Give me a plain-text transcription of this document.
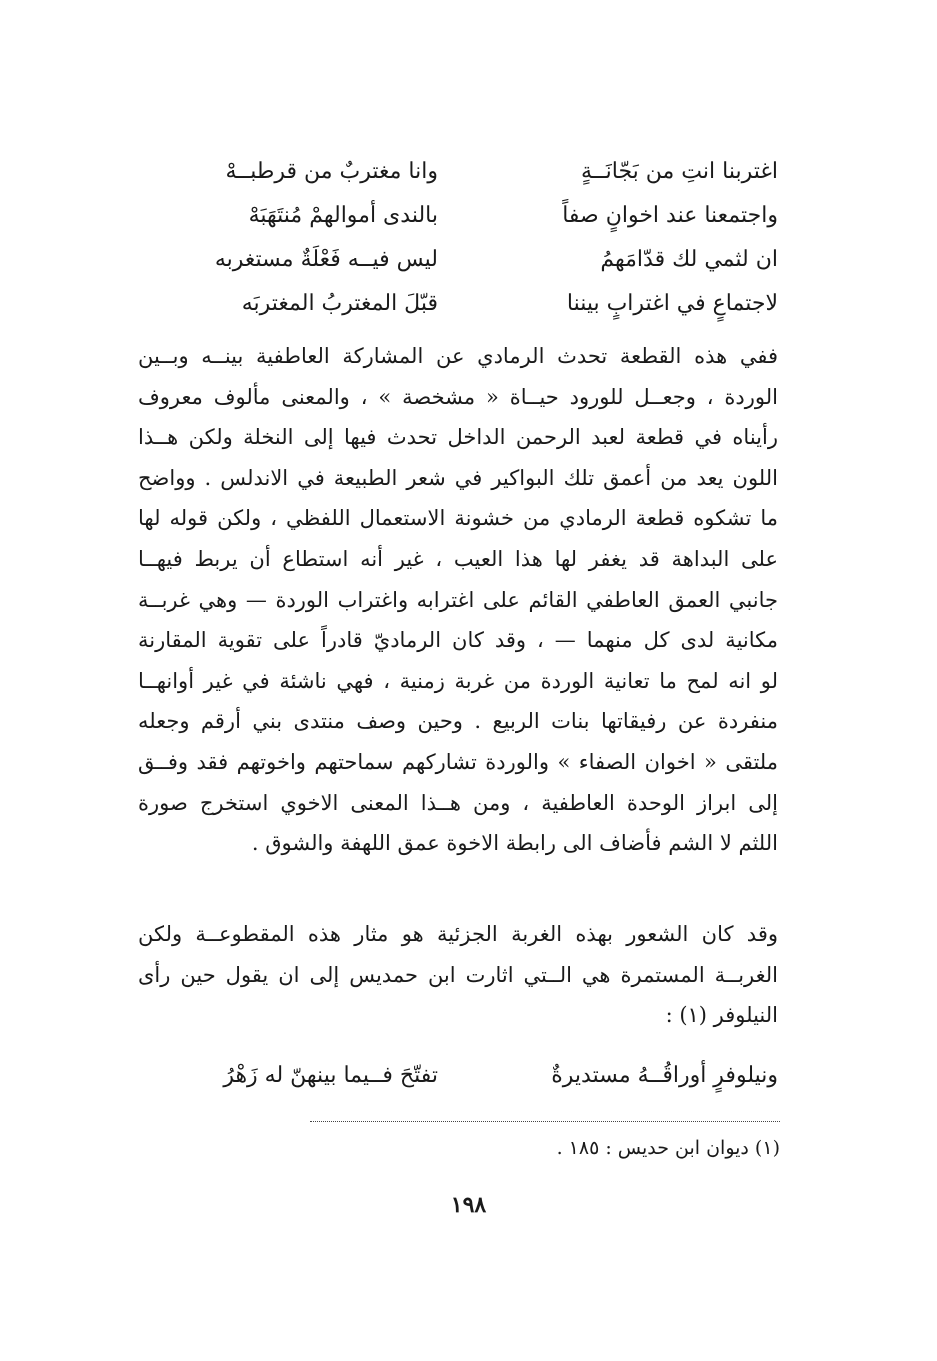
اغتربنا انتِ من بَجّانَــةٍ
وانا مغتربٌ من قرطبــهْ
واجتمعنا عند اخوانٍ صفاً
بالندى أموالهمْ مُنتَهَبَهْ
ان لثمي لك قدّامَهمُ
ليس فيــه فَعْلَةٌ مستغربه
لاجتماعٍ في اغترابٍ بيننا
قبّلَ المغتربُ المغتربَه
ففي هذه القطعة تحدث الرمادي عن المشاركة العاطفية بينــه وبــين
الوردة ، وجعــل للورود حيــاة « مشخصة » ، والمعنى مألوف معروف
رأيناه في قطعة لعبد الرحمن الداخل تحدث فيها إلى النخلة ولكن هــذا
اللون يعد من أعمق تلك البواكير في شعر الطبيعة في الاندلس . وواضح
ما تشكوه قطعة الرمادي من خشونة الاستعمال اللفظي ، ولكن قوله لها
على البداهة قد يغفر لها هذا العيب ، غير أنه استطاع أن يربط فيهــا
جانبي العمق العاطفي القائم على اغترابه واغتراب الوردة — وهي غربــة
مكانية لدى كل منهما — ، وقد كان الرماديّ قادراً على تقوية المقارنة
لو انه لمح ما تعانية الوردة من غربة زمنية ، فهي ناشئة في غير أوانهــا
منفردة عن رفيقاتها بنات الربيع . وحين وصف منتدى بني أرقم وجعله
ملتقى « اخوان الصفاء » والوردة تشاركهم سماحتهم واخوتهم فقد وفــق
إلى ابراز الوحدة العاطفية ، ومن هــذا المعنى الاخوي استخرج صورة
اللثم لا الشم فأضاف الى رابطة الاخوة عمق اللهفة والشوق .
وقد كان الشعور بهذه الغربة الجزئية هو مثار هذه المقطوعــة ولكن
الغربــة المستمرة هي الــتي اثارت ابن حمديس إلى ان يقول حين رأى
النيلوفر (١) :
ونيلوفرٍ أوراقُــهُ مستديرةٌ
تفتّحَ فــيما بينهنّ له زَهْرُ
(١) ديوان ابن حديس : ١٨٥ .
١٩٨
